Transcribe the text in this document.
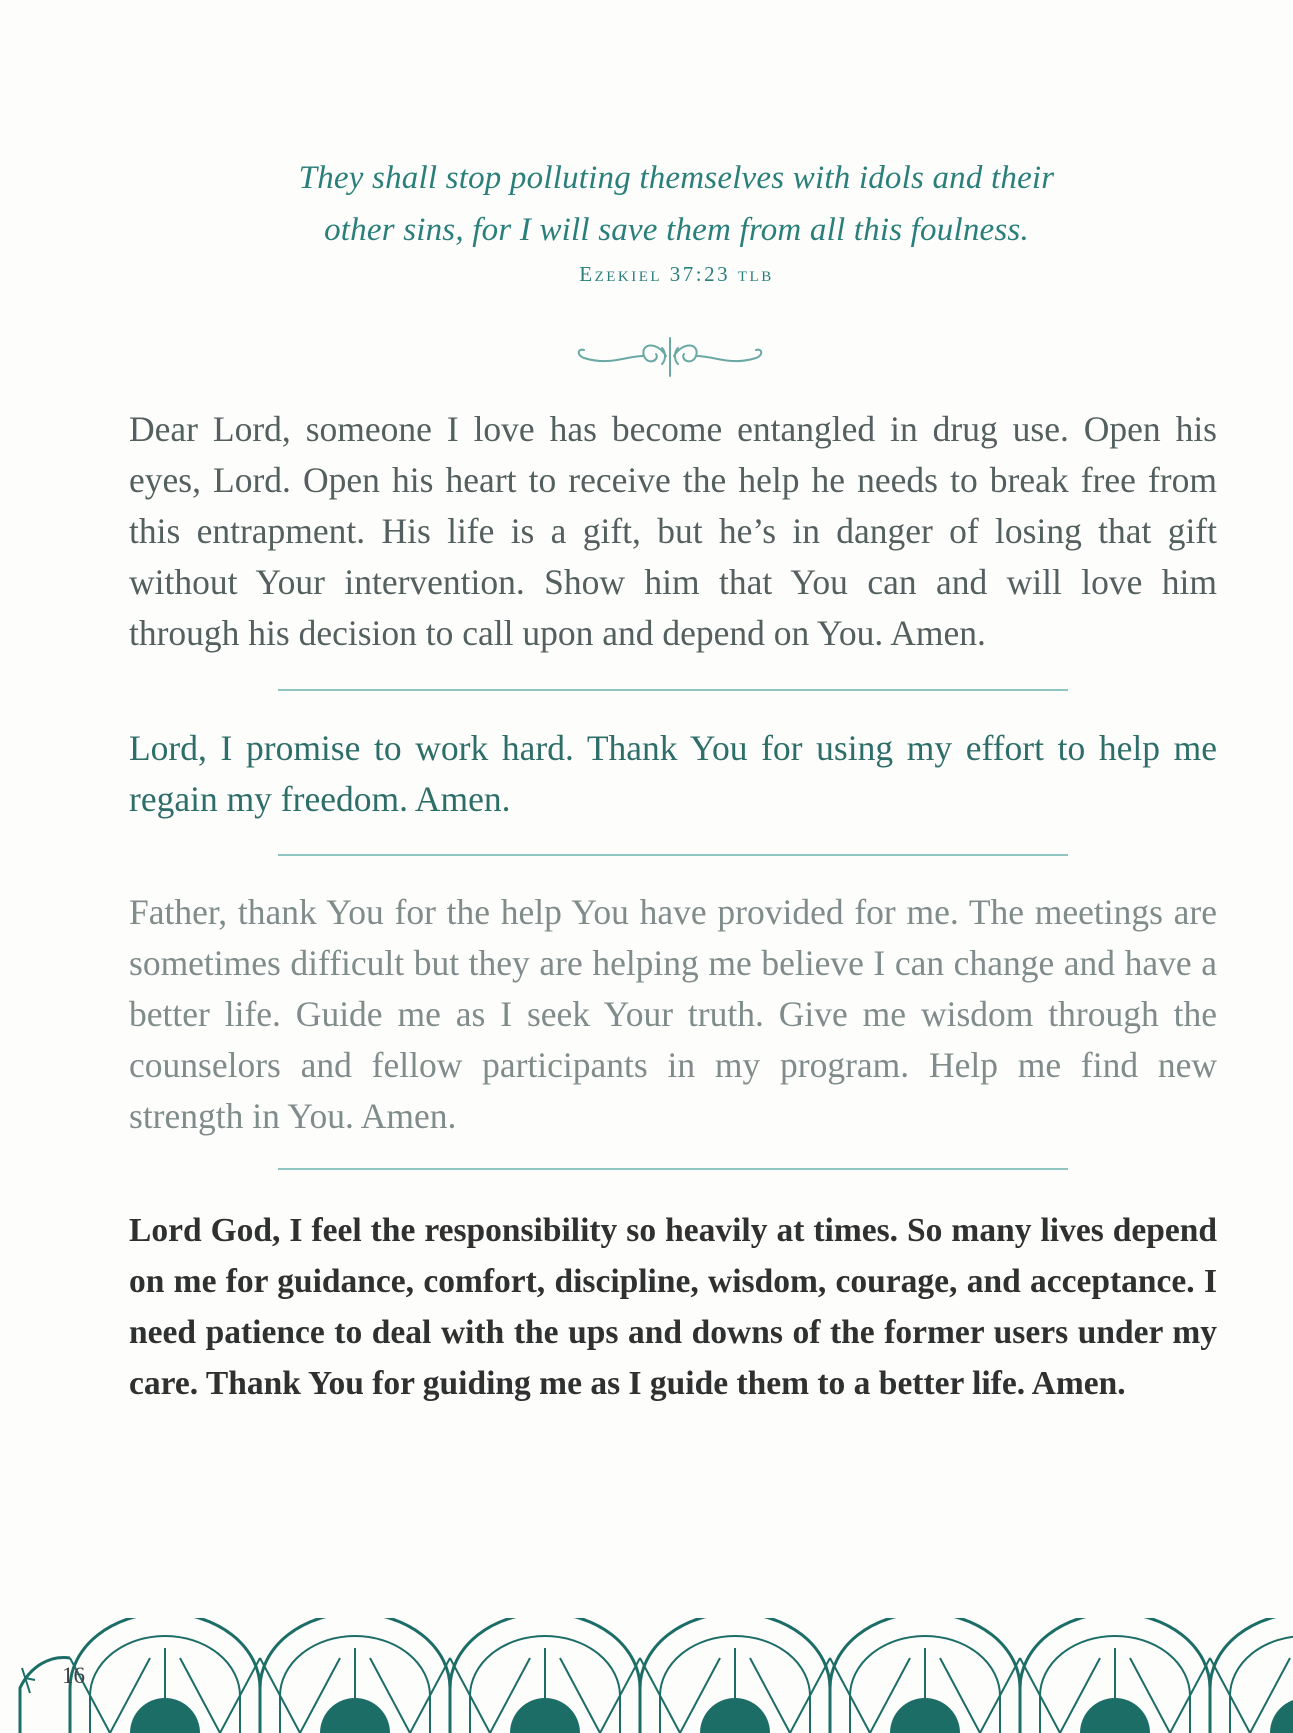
They shall stop polluting themselves with idols and their

other sins, for I will save them from all this foulness.

Ezekiel 37:23 tlb

Dear Lord, someone I love has become entangled in drug use. Open his eyes, Lord. Open his heart to receive the help he needs to break free from this entrapment. His life is a gift, but he’s in danger of losing that gift without Your intervention. Show him that You can and will love him through his decision to call upon and depend on You. Amen.

Lord, I promise to work hard. Thank You for using my effort to help me regain my freedom. Amen.

Father, thank You for the help You have provided for me. The meetings are sometimes difficult but they are helping me believe I can change and have a better life. Guide me as I seek Your truth. Give me wisdom through the counselors and fellow participants in my program. Help me find new strength in You. Amen.

Lord God, I feel the responsibility so heavily at times. So many lives depend on me for guidance, comfort, discipline, wisdom, courage, and acceptance. I need patience to deal with the ups and downs of the former users under my care. Thank You for guiding me as I guide them to a better life. Amen.

16
